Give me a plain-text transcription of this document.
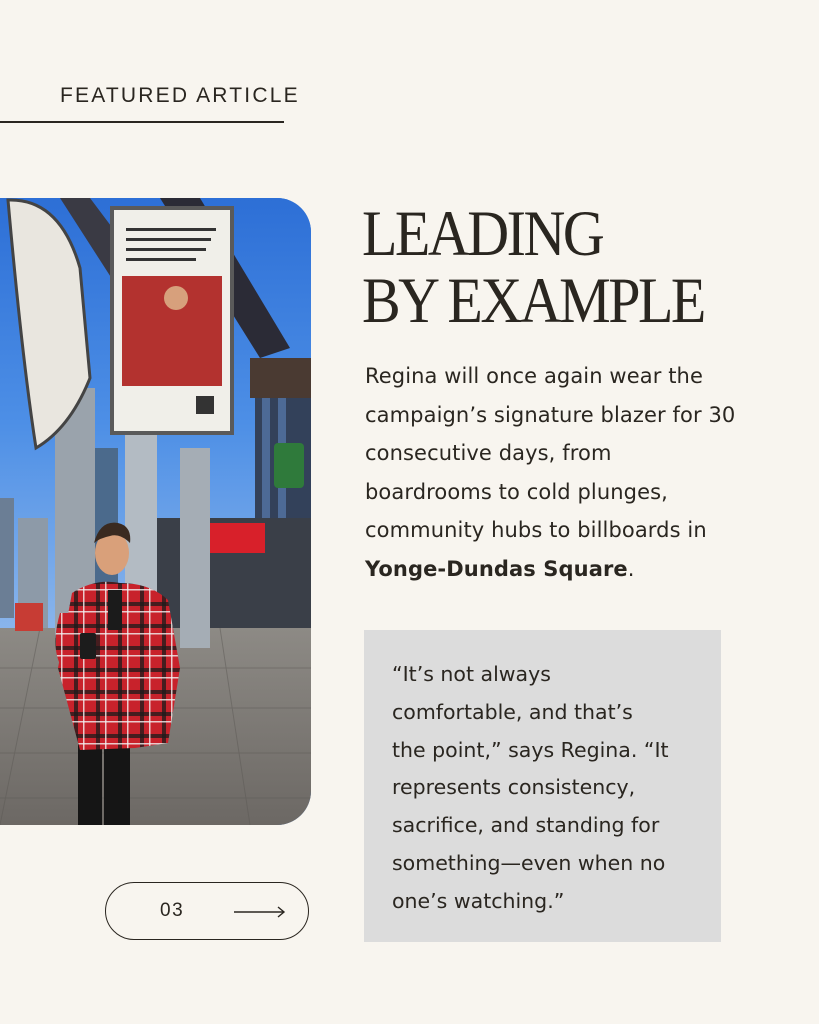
FEATURED ARTICLE
03
LEADING
BY EXAMPLE
Regina will once again wear the
campaign’s signature blazer for 30
consecutive days, from
boardrooms to cold plunges,
community hubs to billboards in
Yonge-Dundas Square.
“It’s not always
comfortable, and that’s
the point,” says Regina. “It
represents consistency,
sacrifice, and standing for
something—even when no
one’s watching.”
